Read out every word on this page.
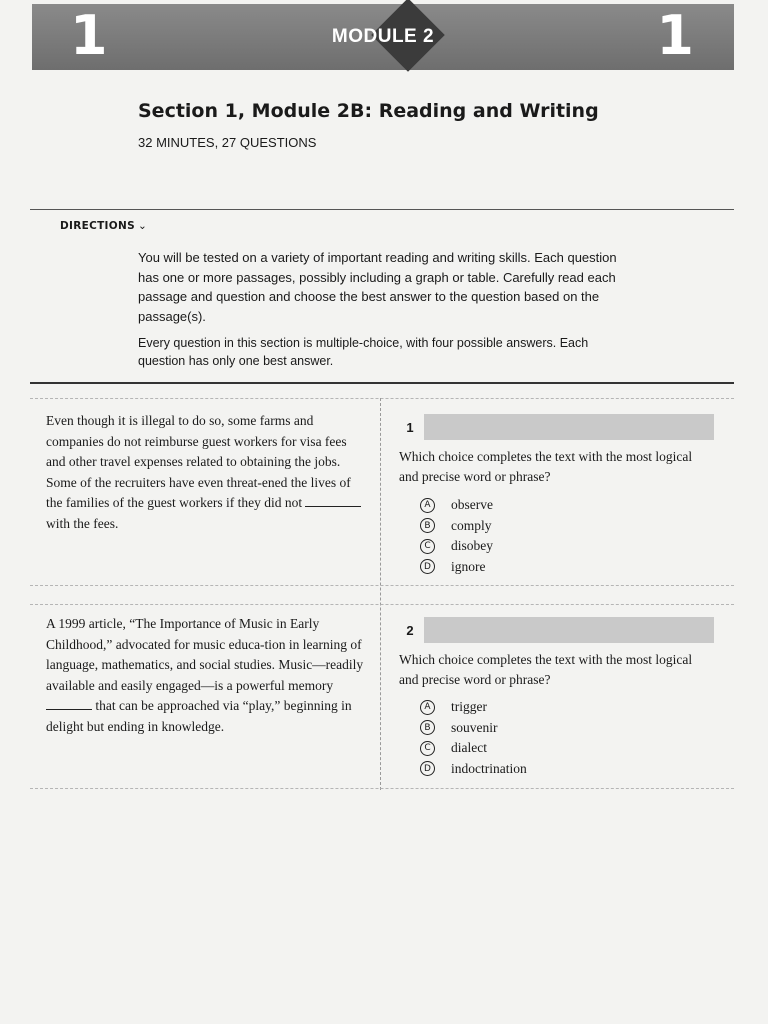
1	MODULE 2	1
Section 1, Module 2B: Reading and Writing
32 MINUTES, 27 QUESTIONS
DIRECTIONS ⌄

You will be tested on a variety of important reading and writing skills. Each question has one or more passages, possibly including a graph or table. Carefully read each passage and question and choose the best answer to the question based on the passage(s).

Every question in this section is multiple-choice, with four possible answers. Each question has only one best answer.

Even though it is illegal to do so, some farms and companies do not reimburse guest workers for visa fees and other travel expenses related to obtaining the jobs. Some of the recruiters have even threat-ened the lives of the families of the guest workers if they did not  with the fees.

1

Which choice completes the text with the most logical and precise word or phrase?

A	observe
B	comply
C	disobey
D ignore

A 1999 article, “The Importance of Music in Early Childhood,” advocated for music educa-tion in learning of language, mathematics, and social studies. Music—readily available and easily engaged—is a powerful memory  that can be approached via “play,” beginning in delight but ending in knowledge.

2

Which choice completes the text with the most logical and precise word or phrase?

A	trigger
B	souvenir
C	dialect
D indoctrination
